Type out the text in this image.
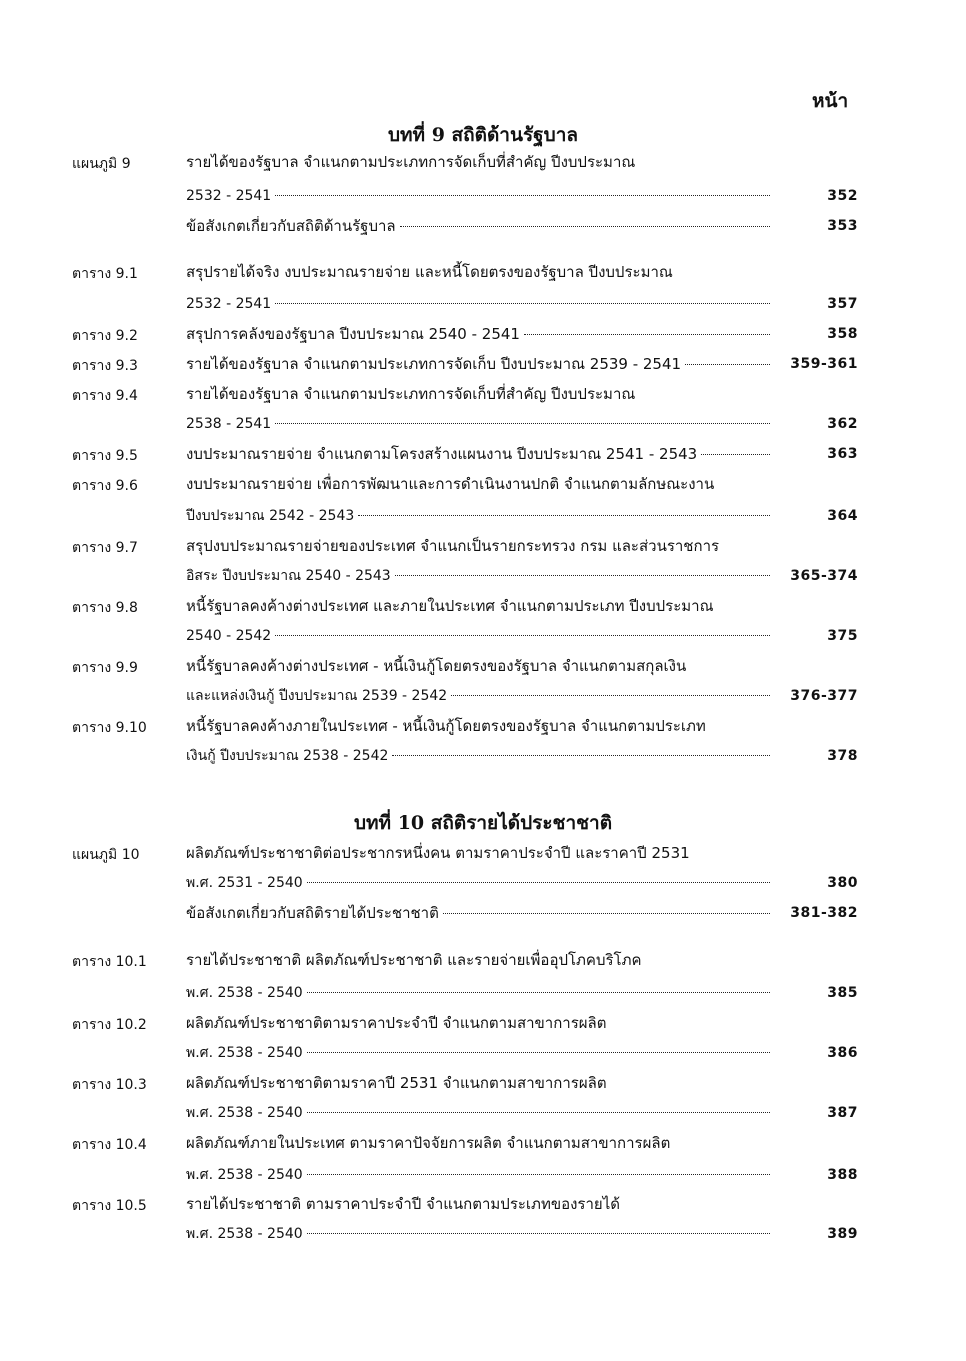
หน้า
บทที่ 9 สถิติด้านรัฐบาล
แผนภูมิ 9	รายได้ของรัฐบาล จำแนกตามประเภทการจัดเก็บที่สำคัญ ปีงบประมาณ
2532 - 2541	352
ข้อสังเกตเกี่ยวกับสถิติด้านรัฐบาล	353
ตาราง 9.1	สรุปรายได้จริง งบประมาณรายจ่าย และหนี้โดยตรงของรัฐบาล ปีงบประมาณ
2532 - 2541	357
ตาราง 9.2	สรุปการคลังของรัฐบาล ปีงบประมาณ 2540 - 2541	358
ตาราง 9.3	รายได้ของรัฐบาล จำแนกตามประเภทการจัดเก็บ ปีงบประมาณ 2539 - 2541	359-361
ตาราง 9.4	รายได้ของรัฐบาล จำแนกตามประเภทการจัดเก็บที่สำคัญ ปีงบประมาณ
2538 - 2541	362
ตาราง 9.5	งบประมาณรายจ่าย จำแนกตามโครงสร้างแผนงาน ปีงบประมาณ 2541 - 2543	363
ตาราง 9.6	งบประมาณรายจ่าย เพื่อการพัฒนาและการดำเนินงานปกติ จำแนกตามลักษณะงาน
ปีงบประมาณ 2542 - 2543	364
ตาราง 9.7	สรุปงบประมาณรายจ่ายของประเทศ จำแนกเป็นรายกระทรวง กรม และส่วนราชการ
อิสระ ปีงบประมาณ 2540 - 2543	365-374
ตาราง 9.8	หนี้รัฐบาลคงค้างต่างประเทศ และภายในประเทศ จำแนกตามประเภท ปีงบประมาณ
2540 - 2542	375
ตาราง 9.9	หนี้รัฐบาลคงค้างต่างประเทศ - หนี้เงินกู้โดยตรงของรัฐบาล จำแนกตามสกุลเงิน
และแหล่งเงินกู้ ปีงบประมาณ 2539 - 2542	376-377
ตาราง 9.10	หนี้รัฐบาลคงค้างภายในประเทศ - หนี้เงินกู้โดยตรงของรัฐบาล จำแนกตามประเภท
เงินกู้ ปีงบประมาณ 2538 - 2542	378
บทที่ 10 สถิติรายได้ประชาชาติ
แผนภูมิ 10	ผลิตภัณฑ์ประชาชาติต่อประชากรหนึ่งคน ตามราคาประจำปี และราคาปี 2531
พ.ศ. 2531 - 2540	380
ข้อสังเกตเกี่ยวกับสถิติรายได้ประชาชาติ	381-382
ตาราง 10.1	รายได้ประชาชาติ ผลิตภัณฑ์ประชาชาติ และรายจ่ายเพื่ออุปโภคบริโภค
พ.ศ. 2538 - 2540	385
ตาราง 10.2	ผลิตภัณฑ์ประชาชาติตามราคาประจำปี จำแนกตามสาขาการผลิต
พ.ศ. 2538 - 2540	386
ตาราง 10.3	ผลิตภัณฑ์ประชาชาติตามราคาปี 2531 จำแนกตามสาขาการผลิต
พ.ศ. 2538 - 2540	387
ตาราง 10.4	ผลิตภัณฑ์ภายในประเทศ ตามราคาปัจจัยการผลิต จำแนกตามสาขาการผลิต
พ.ศ. 2538 - 2540	388
ตาราง 10.5	รายได้ประชาชาติ ตามราคาประจำปี จำแนกตามประเภทของรายได้
พ.ศ. 2538 - 2540	389
